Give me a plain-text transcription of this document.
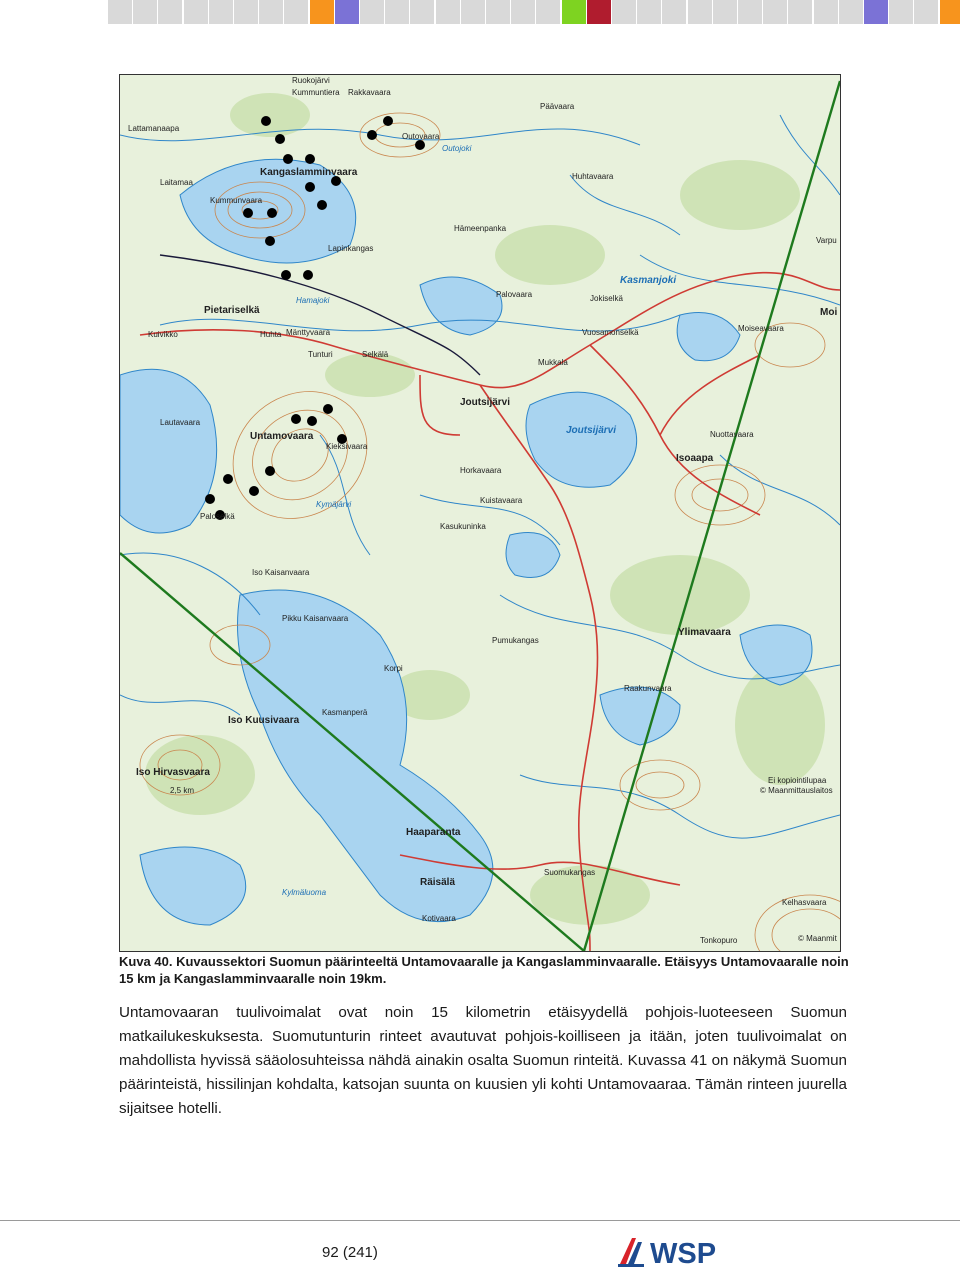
Ruokojärvi
Kummuntiera Rakkavaara
Päävaara
Lattamanaapa
Laitamaa
Kummunvaara
Kangaslamminvaara
Outovaara
Outojoki
Huhtavaara
Lapinkangas
Hamajoki
Hämeenpanka
Pietariselkä
Kuivikko	Huhta Mänttyvaara
Tunturi	Selkälä
Kasmanjoki
Palovaara	Jokiselkä
Mukkala
Vuosamonselkä
Joutsijärvi
Joutsijärvi
Isoaapa
Nuottavaara
Moiseavaara
Untamovaara
Lautavaara
Kieksivaara
Horkavaara
Kuistavaara
Kasukuninka
Kymäjärvi
Paloselkä
Iso Kaisanvaara
Pikku Kaisanvaara
Korpi
Kasmanperä
Iso Kuusivaara
Iso Hirvasvaara
Pumukangas
Ylimavaara
Raakunvaara
Haaparanta
Räisälä
Kotivaara
Suomukangas
Tonkopuro
Kelhasvaara
Kylmäluoma
Varpu
Moi
2,5 km
Ei kopiointilupaa
© Maanmittauslaitos
© Maanmit
Kuva 40. Kuvaussektori Suomun päärinteeltä Untamovaaralle ja Kangaslamminvaaralle. Etäisyys Untamovaaralle noin 15 km ja Kangaslamminvaaralle noin 19km.
Untamovaaran tuulivoimalat ovat noin 15 kilometrin etäisyydellä pohjois-luoteeseen Suomun matkailukeskuksesta. Suomutunturin rinteet avautuvat pohjois-koilliseen ja itään, joten tuulivoimalat on mahdollista hyvissä sääolosuhteissa nähdä ainakin osalta Suomun rinteitä. Kuvassa 41 on näkymä Suomun päärinteistä, hissilinjan kohdalta, katsojan suunta on kuusien yli kohti Untamovaaraa. Tämän rinteen juurella sijaitsee hotelli.
92 (241)	WSP
